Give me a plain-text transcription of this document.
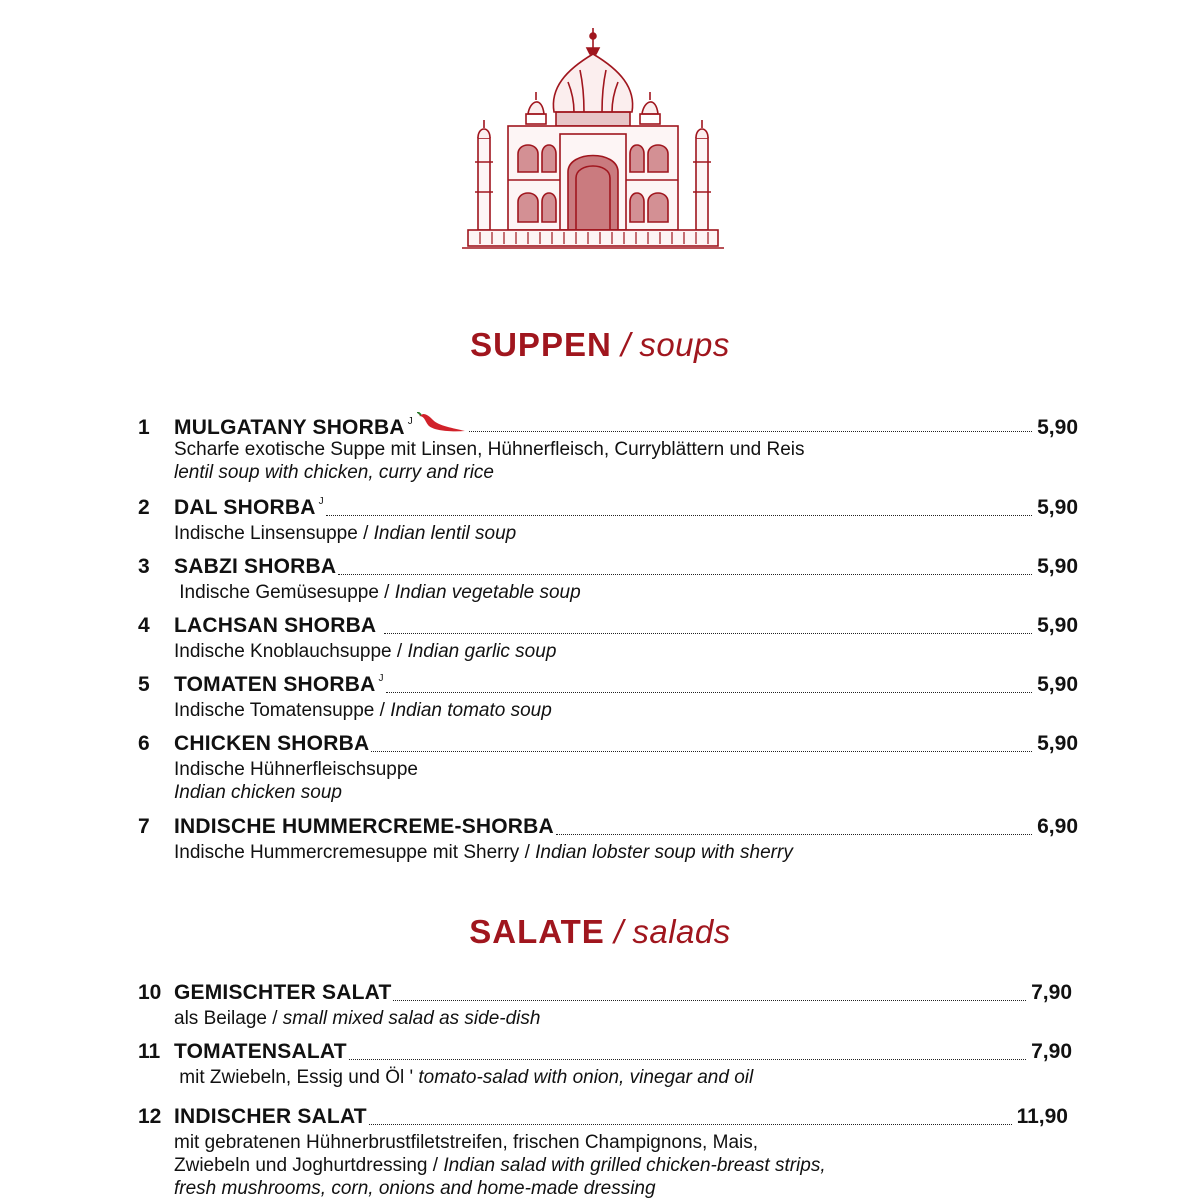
SUPPEN / soups
1	MULGATANY SHORBA $^J$	5,90
Scharfe exotische Suppe mit Linsen, Hühnerfleisch, Curryblättern und Reis
lentil soup with chicken, curry and rice
2	DAL SHORBA $^J$	5,90
Indische Linsensuppe / Indian lentil soup
3	SABZI SHORBA	5,90
Indische Gemüsesuppe / Indian vegetable soup
4	LACHSAN SHORBA	5,90
Indische Knoblauchsuppe / Indian garlic soup
5	TOMATEN SHORBA $^J$	5,90
Indische Tomatensuppe / Indian tomato soup
6	CHICKEN SHORBA	5,90
Indische Hühnerfleischsuppe
Indian chicken soup
7	INDISCHE HUMMERCREME-SHORBA	6,90
Indische Hummercremesuppe mit Sherry / Indian lobster soup with sherry
SALATE / salads
10 GEMISCHTER SALAT	7,90
als Beilage / small mixed salad as side-dish
11 TOMATENSALAT	7,90
mit Zwiebeln, Essig und Öl ' tomato-salad with onion, vinegar and oil
12 INDISCHER SALAT	11,90
mit gebratenen Hühnerbrustfiletstreifen, frischen Champignons, Mais,
Zwiebeln und Joghurtdressing / Indian salad with grilled chicken-breast strips,
fresh mushrooms, corn, onions and home-made dressing
